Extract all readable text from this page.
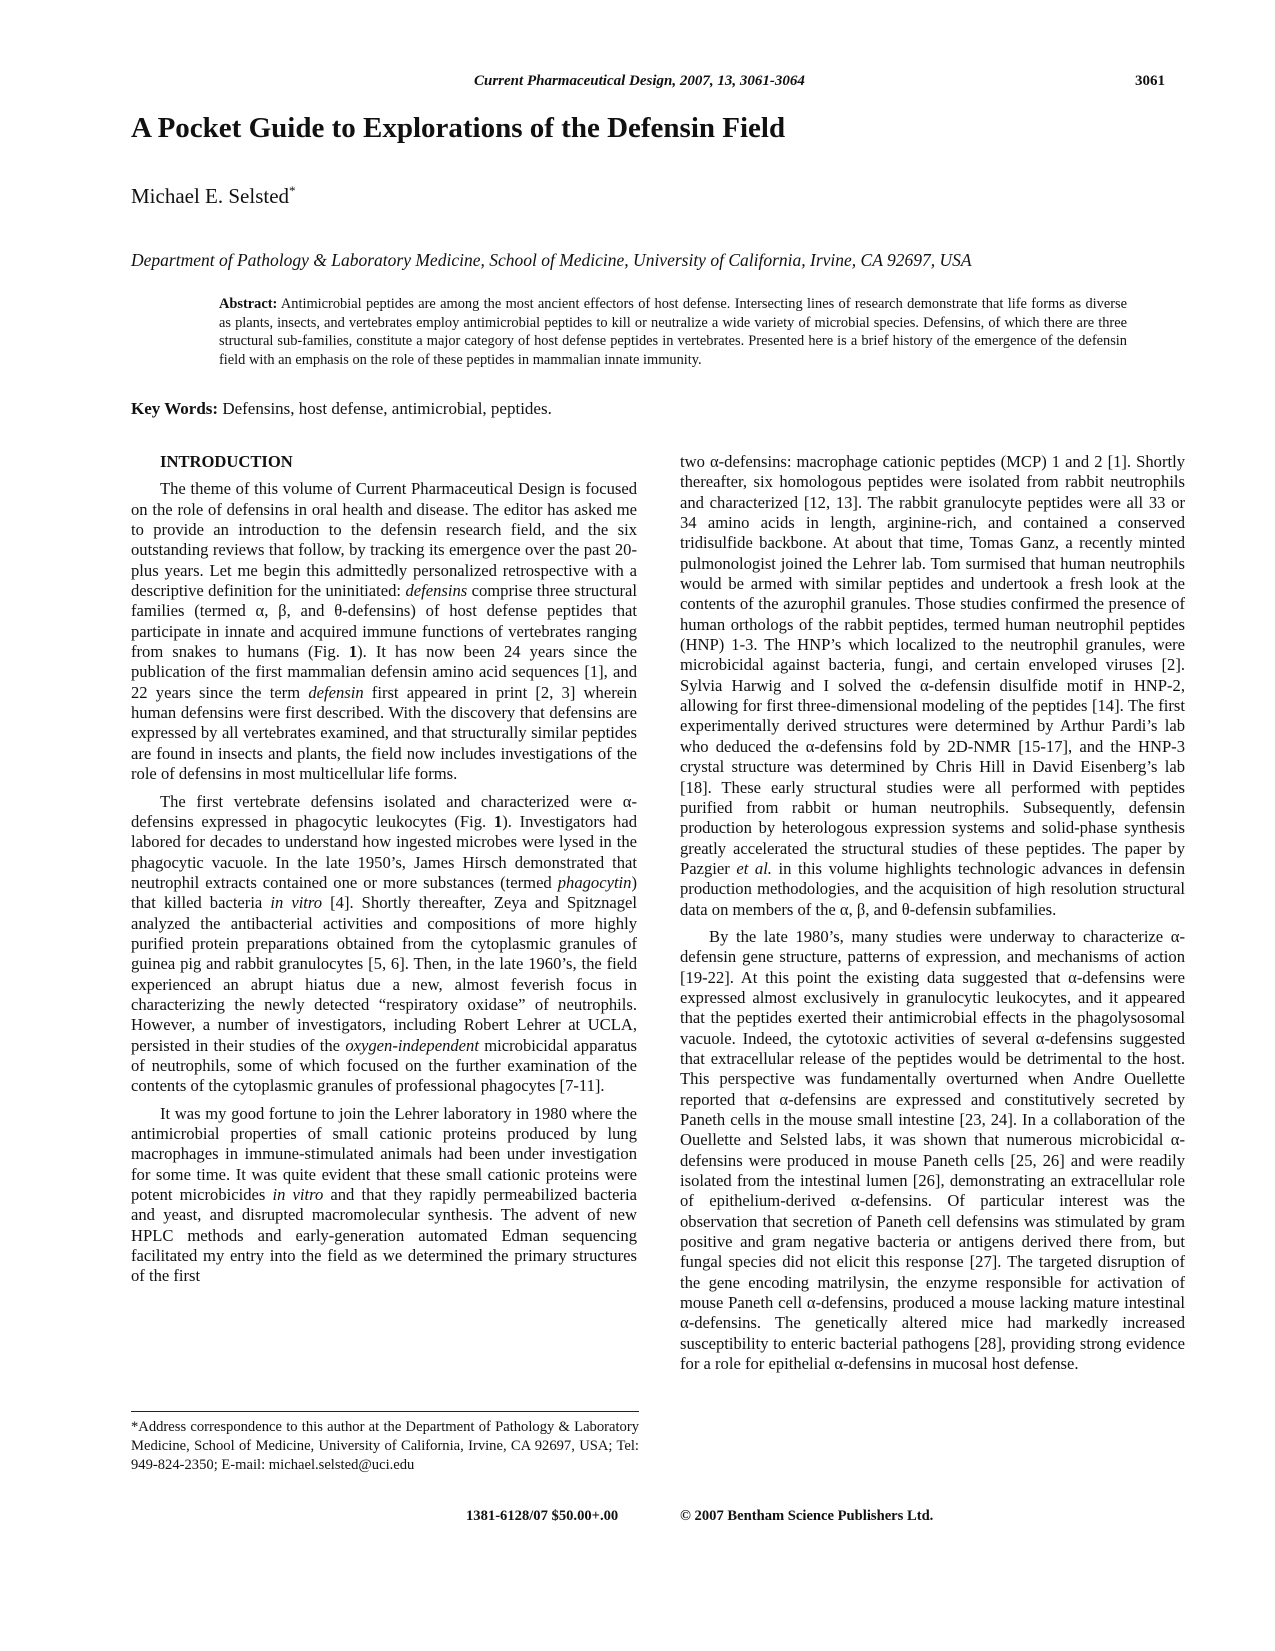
Current Pharmaceutical Design, 2007, 13, 3061-3064	3061
A Pocket Guide to Explorations of the Defensin Field
Michael E. Selsted*
Department of Pathology & Laboratory Medicine, School of Medicine, University of California, Irvine, CA 92697, USA
Abstract: Antimicrobial peptides are among the most ancient effectors of host defense. Intersecting lines of research demonstrate that life forms as diverse as plants, insects, and vertebrates employ antimicrobial peptides to kill or neutralize a wide variety of microbial species. Defensins, of which there are three structural sub-families, constitute a major category of host defense peptides in vertebrates. Presented here is a brief history of the emergence of the defensin field with an emphasis on the role of these peptides in mammalian innate immunity.
Key Words: Defensins, host defense, antimicrobial, peptides.

INTRODUCTION

The theme of this volume of Current Pharmaceutical Design is focused on the role of defensins in oral health and disease. The editor has asked me to provide an introduction to the defensin research field, and the six outstanding reviews that follow, by tracking its emergence over the past 20-plus years. Let me begin this admittedly personalized retrospective with a descriptive definition for the uninitiated: defensins comprise three structural families (termed α, β, and θ-defensins) of host defense peptides that participate in innate and acquired immune functions of vertebrates ranging from snakes to humans (Fig. 1). It has now been 24 years since the publication of the first mammalian defensin amino acid sequences [1], and 22 years since the term defensin first appeared in print [2, 3] wherein human defensins were first described. With the discovery that defensins are expressed by all vertebrates examined, and that structurally similar peptides are found in insects and plants, the field now includes investigations of the role of defensins in most multicellular life forms.

The first vertebrate defensins isolated and characterized were α-defensins expressed in phagocytic leukocytes (Fig. 1). Investigators had labored for decades to understand how ingested microbes were lysed in the phagocytic vacuole. In the late 1950’s, James Hirsch demonstrated that neutrophil extracts contained one or more substances (termed phagocytin) that killed bacteria in vitro [4]. Shortly thereafter, Zeya and Spitznagel analyzed the antibacterial activities and compositions of more highly purified protein preparations obtained from the cytoplasmic granules of guinea pig and rabbit granulocytes [5, 6]. Then, in the late 1960’s, the field experienced an abrupt hiatus due a new, almost feverish focus in characterizing the newly detected “respiratory oxidase” of neutrophils. However, a number of investigators, including Robert Lehrer at UCLA, persisted in their studies of the oxygen-independent microbicidal apparatus of neutrophils, some of which focused on the further examination of the contents of the cytoplasmic granules of professional phagocytes [7-11].

It was my good fortune to join the Lehrer laboratory in 1980 where the antimicrobial properties of small cationic proteins produced by lung macrophages in immune-stimulated animals had been under investigation for some time. It was quite evident that these small cationic proteins were potent microbicides in vitro and that they rapidly permeabilized bacteria and yeast, and disrupted macromolecular synthesis. The advent of new HPLC methods and early-generation automated Edman sequencing facilitated my entry into the field as we determined the primary structures of the first

two α-defensins: macrophage cationic peptides (MCP) 1 and 2 [1]. Shortly thereafter, six homologous peptides were isolated from rabbit neutrophils and characterized [12, 13]. The rabbit granulocyte peptides were all 33 or 34 amino acids in length, arginine-rich, and contained a conserved tridisulfide backbone. At about that time, Tomas Ganz, a recently minted pulmonologist joined the Lehrer lab. Tom surmised that human neutrophils would be armed with similar peptides and undertook a fresh look at the contents of the azurophil granules. Those studies confirmed the presence of human orthologs of the rabbit peptides, termed human neutrophil peptides (HNP) 1-3. The HNP’s which localized to the neutrophil granules, were microbicidal against bacteria, fungi, and certain enveloped viruses [2]. Sylvia Harwig and I solved the α-defensin disulfide motif in HNP-2, allowing for first three-dimensional modeling of the peptides [14]. The first experimentally derived structures were determined by Arthur Pardi’s lab who deduced the α-defensins fold by 2D-NMR [15-17], and the HNP-3 crystal structure was determined by Chris Hill in David Eisenberg’s lab [18]. These early structural studies were all performed with peptides purified from rabbit or human neutrophils. Subsequently, defensin production by heterologous expression systems and solid-phase synthesis greatly accelerated the structural studies of these peptides. The paper by Pazgier et al. in this volume highlights technologic advances in defensin production methodologies, and the acquisition of high resolution structural data on members of the α, β, and θ-defensin subfamilies.

By the late 1980’s, many studies were underway to characterize α-defensin gene structure, patterns of expression, and mechanisms of action [19-22]. At this point the existing data suggested that α-defensins were expressed almost exclusively in granulocytic leukocytes, and it appeared that the peptides exerted their antimicrobial effects in the phagolysosomal vacuole. Indeed, the cytotoxic activities of several α-defensins suggested that extracellular release of the peptides would be detrimental to the host. This perspective was fundamentally overturned when Andre Ouellette reported that α-defensins are expressed and constitutively secreted by Paneth cells in the mouse small intestine [23, 24]. In a collaboration of the Ouellette and Selsted labs, it was shown that numerous microbicidal α-defensins were produced in mouse Paneth cells [25, 26] and were readily isolated from the intestinal lumen [26], demonstrating an extracellular role of epithelium-derived α-defensins. Of particular interest was the observation that secretion of Paneth cell defensins was stimulated by gram positive and gram negative bacteria or antigens derived there from, but fungal species did not elicit this response [27]. The targeted disruption of the gene encoding matrilysin, the enzyme responsible for activation of mouse Paneth cell α-defensins, produced a mouse lacking mature intestinal α-defensins. The genetically altered mice had markedly increased susceptibility to enteric bacterial pathogens [28], providing strong evidence for a role for epithelial α-defensins in mucosal host defense.

*Address correspondence to this author at the Department of Pathology & Laboratory Medicine, School of Medicine, University of California, Irvine, CA 92697, USA; Tel: 949-824-2350; E-mail: michael.selsted@uci.edu
1381-6128/07 $50.00+.00	© 2007 Bentham Science Publishers Ltd.
